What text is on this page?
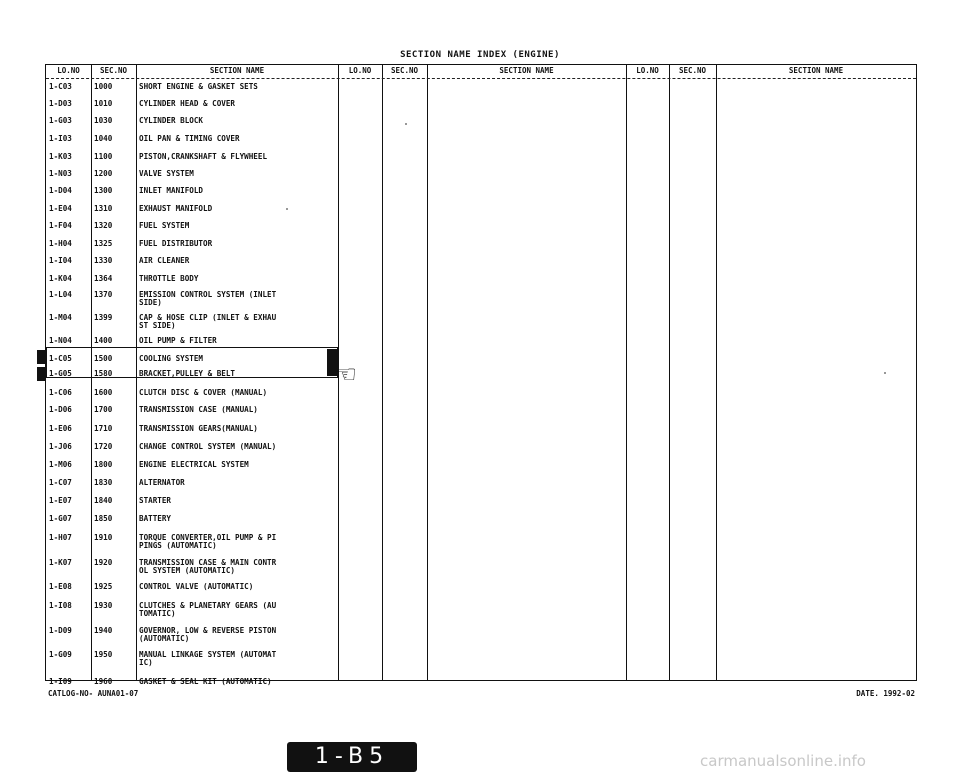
SECTION NAME INDEX (ENGINE)
LO.NO	SEC.NO	SECTION NAME	LO.NO	SEC.NO	SECTION NAME	LO.NO	SEC.NO	SECTION NAME
1-C03	1000	SHORT ENGINE & GASKET SETS
1-D03	1010	CYLINDER HEAD & COVER
1-G03	1030	CYLINDER BLOCK
1-I03	1040	OIL PAN & TIMING COVER
1-K03	1100	PISTON,CRANKSHAFT & FLYWHEEL
1-N03	1200	VALVE SYSTEM
1-D04	1300	INLET MANIFOLD
1-E04	1310	EXHAUST MANIFOLD
1-F04	1320	FUEL SYSTEM
1-H04	1325	FUEL DISTRIBUTOR
1-I04	1330	AIR CLEANER
1-K04	1364	THROTTLE BODY
1-L04	1370	EMISSION CONTROL SYSTEM (INLET
SIDE)
1-M04	1399	CAP & HOSE CLIP (INLET & EXHAU
ST SIDE)
1-N04	1400	OIL PUMP & FILTER
1-C05	1500	COOLING SYSTEM
1-G05	1580	BRACKET,PULLEY & BELT
1-C06	1600	CLUTCH DISC & COVER (MANUAL)
1-D06	1700	TRANSMISSION CASE (MANUAL)
1-E06	1710	TRANSMISSION GEARS(MANUAL)
1-J06	1720	CHANGE CONTROL SYSTEM (MANUAL)
1-M06	1800	ENGINE ELECTRICAL SYSTEM
1-C07	1830	ALTERNATOR
1-E07	1840	STARTER
1-G07	1850	BATTERY
1-H07	1910	TORQUE CONVERTER,OIL PUMP & PI
PINGS (AUTOMATIC)
1-K07	1920	TRANSMISSION CASE & MAIN CONTR
OL SYSTEM (AUTOMATIC)
1-E08	1925	CONTROL VALVE (AUTOMATIC)
1-I08	1930	CLUTCHES & PLANETARY GEARS (AU
TOMATIC)
1-D09	1940	GOVERNOR, LOW & REVERSE PISTON
(AUTOMATIC)
1-G09	1950	MANUAL LINKAGE SYSTEM (AUTOMAT
IC)
1-I09	1960	GASKET & SEAL KIT (AUTOMATIC)
☜
CATLOG-NO- AUNA01-07	DATE. 1992-02
1-B5	carmanualsonline.info
